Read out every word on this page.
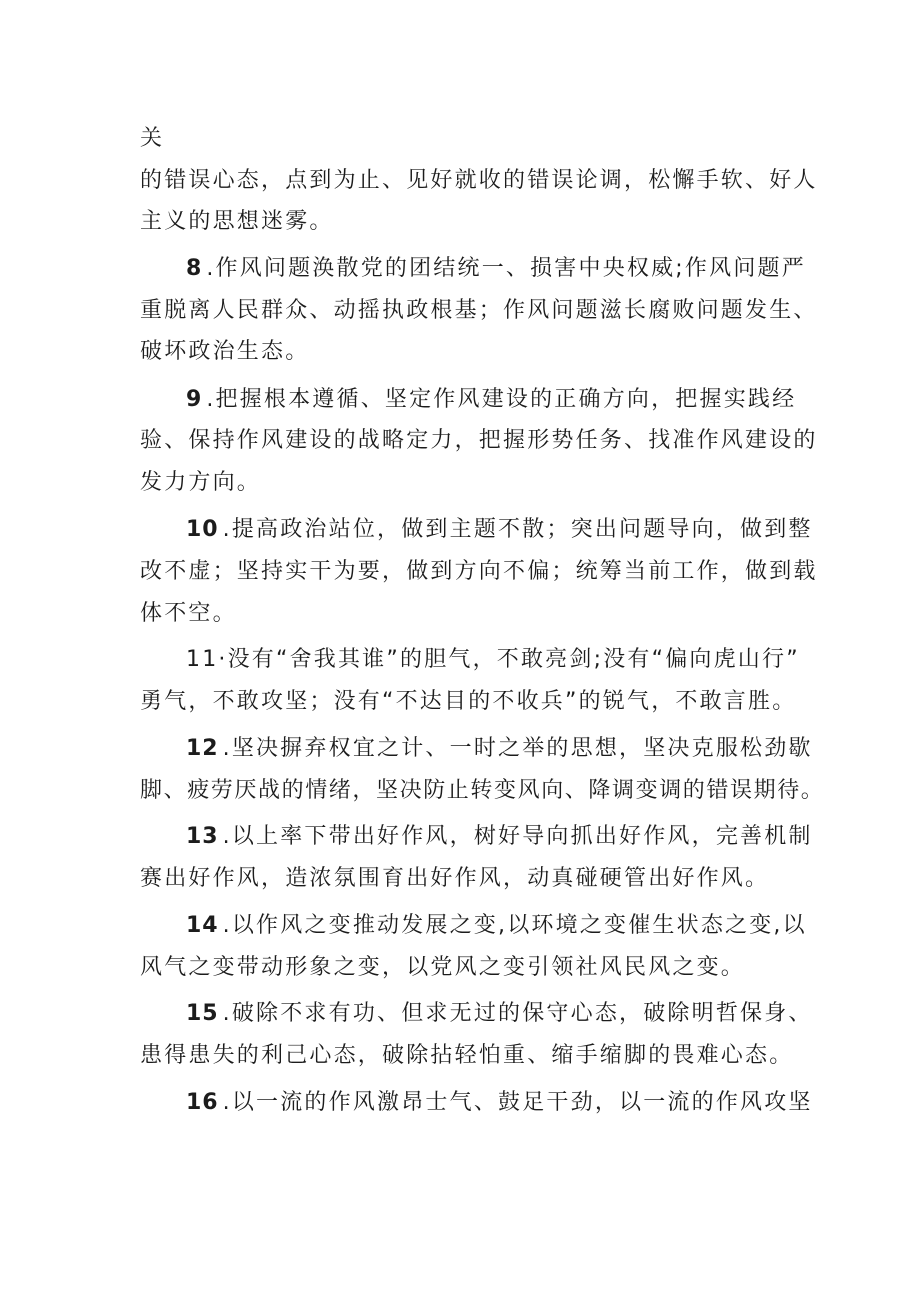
关
的错误心态，点到为止、见好就收的错误论调，松懈手软、好人
主义的思想迷雾。
8 .作风问题涣散党的团结统一、损害中央权威;作风问题严
重脱离人民群众、动摇执政根基；作风问题滋长腐败问题发生、
破坏政治生态。
9 .把握根本遵循、坚定作风建设的正确方向，把握实践经
验、保持作风建设的战略定力，把握形势任务、找准作风建设的
发力方向。
10 .提高政治站位，做到主题不散；突出问题导向，做到整
改不虚；坚持实干为要，做到方向不偏；统筹当前工作，做到载
体不空。
11·没有“舍我其谁”的胆气，不敢亮剑;没有“偏向虎山行”
勇气，不敢攻坚；没有“不达目的不收兵”的锐气，不敢言胜。
12 .坚决摒弃权宜之计、一时之举的思想，坚决克服松劲歇
脚、疲劳厌战的情绪，坚决防止转变风向、降调变调的错误期待。
13 .以上率下带出好作风，树好导向抓出好作风，完善机制
赛出好作风，造浓氛围育出好作风，动真碰硬管出好作风。
14 .以作风之变推动发展之变,以环境之变催生状态之变,以
风气之变带动形象之变，以党风之变引领社风民风之变。
15 .破除不求有功、但求无过的保守心态，破除明哲保身、
患得患失的利己心态，破除拈轻怕重、缩手缩脚的畏难心态。
16 .以一流的作风激昂士气、鼓足干劲，以一流的作风攻坚
